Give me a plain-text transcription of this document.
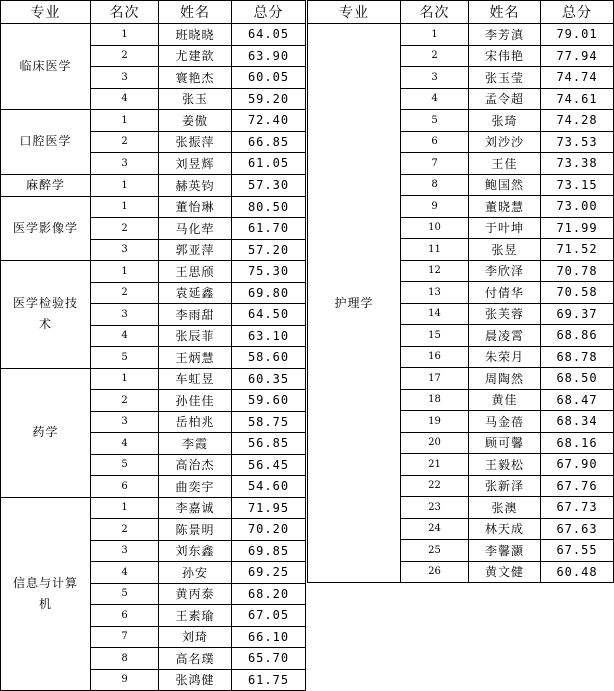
专业	名次	姓名	总分
临床医学	1	班晓晓	64.05
	2	尤建歆	63.90
	3	寰艳杰	60.05
	4	张玉	59.20
口腔医学	1	姜傲	72.40
	2	张振萍	66.85
	3	刘昱辉	61.05
麻醉学	1	赫英钧	57.30
医学影像学	1	董怡琳	80.50
	2	马化荦	61.70
	3	郭亚萍	57.20
医学检验技术	1	王思颀	75.30
	2	袁延鑫	69.80
	3	李雨甜	64.50
	4	张辰菲	63.10
	5	王炳慧	58.60
药学	1	车虹昱	60.35
	2	孙佳佳	59.60
	3	岳柏兆	58.75
	4	李霞	56.85
	5	高治杰	56.45
	6	曲奕宇	54.60
信息与计算机	1	李嘉诚	71.95
	2	陈景明	70.20
	3	刘东鑫	69.85
	4	孙安	69.25
	5	黄丙泰	68.20
	6	王素瑜	67.05
	7	刘琦	66.10
	8	高名璞	65.70
	9	张鸿健	61.75
专业	名次	姓名	总分
护理学	1	李芳滇	79.01
	2	宋伟艳	77.94
	3	张玉莹	74.74
	4	孟令超	74.61
	5	张琦	74.28
	6	刘沙沙	73.53
	7	王佳	73.38
	8	鲍国然	73.15
	9	董晓慧	73.00
	10	于叶坤	71.99
	11	张昱	71.52
	12	李欣泽	70.78
	13	付倩华	70.58
	14	张芙蓉	69.37
	15	晨凌霄	68.86
	16	朱荣月	68.78
	17	周陶然	68.50
	18	黄佳	68.47
	19	马金蓓	68.34
	20	顾可馨	68.16
	21	王毅松	67.90
	22	张新泽	67.76
	23	张澳	67.73
	24	林天成	67.63
	25	李馨灏	67.55
	26	黄文健	60.48
